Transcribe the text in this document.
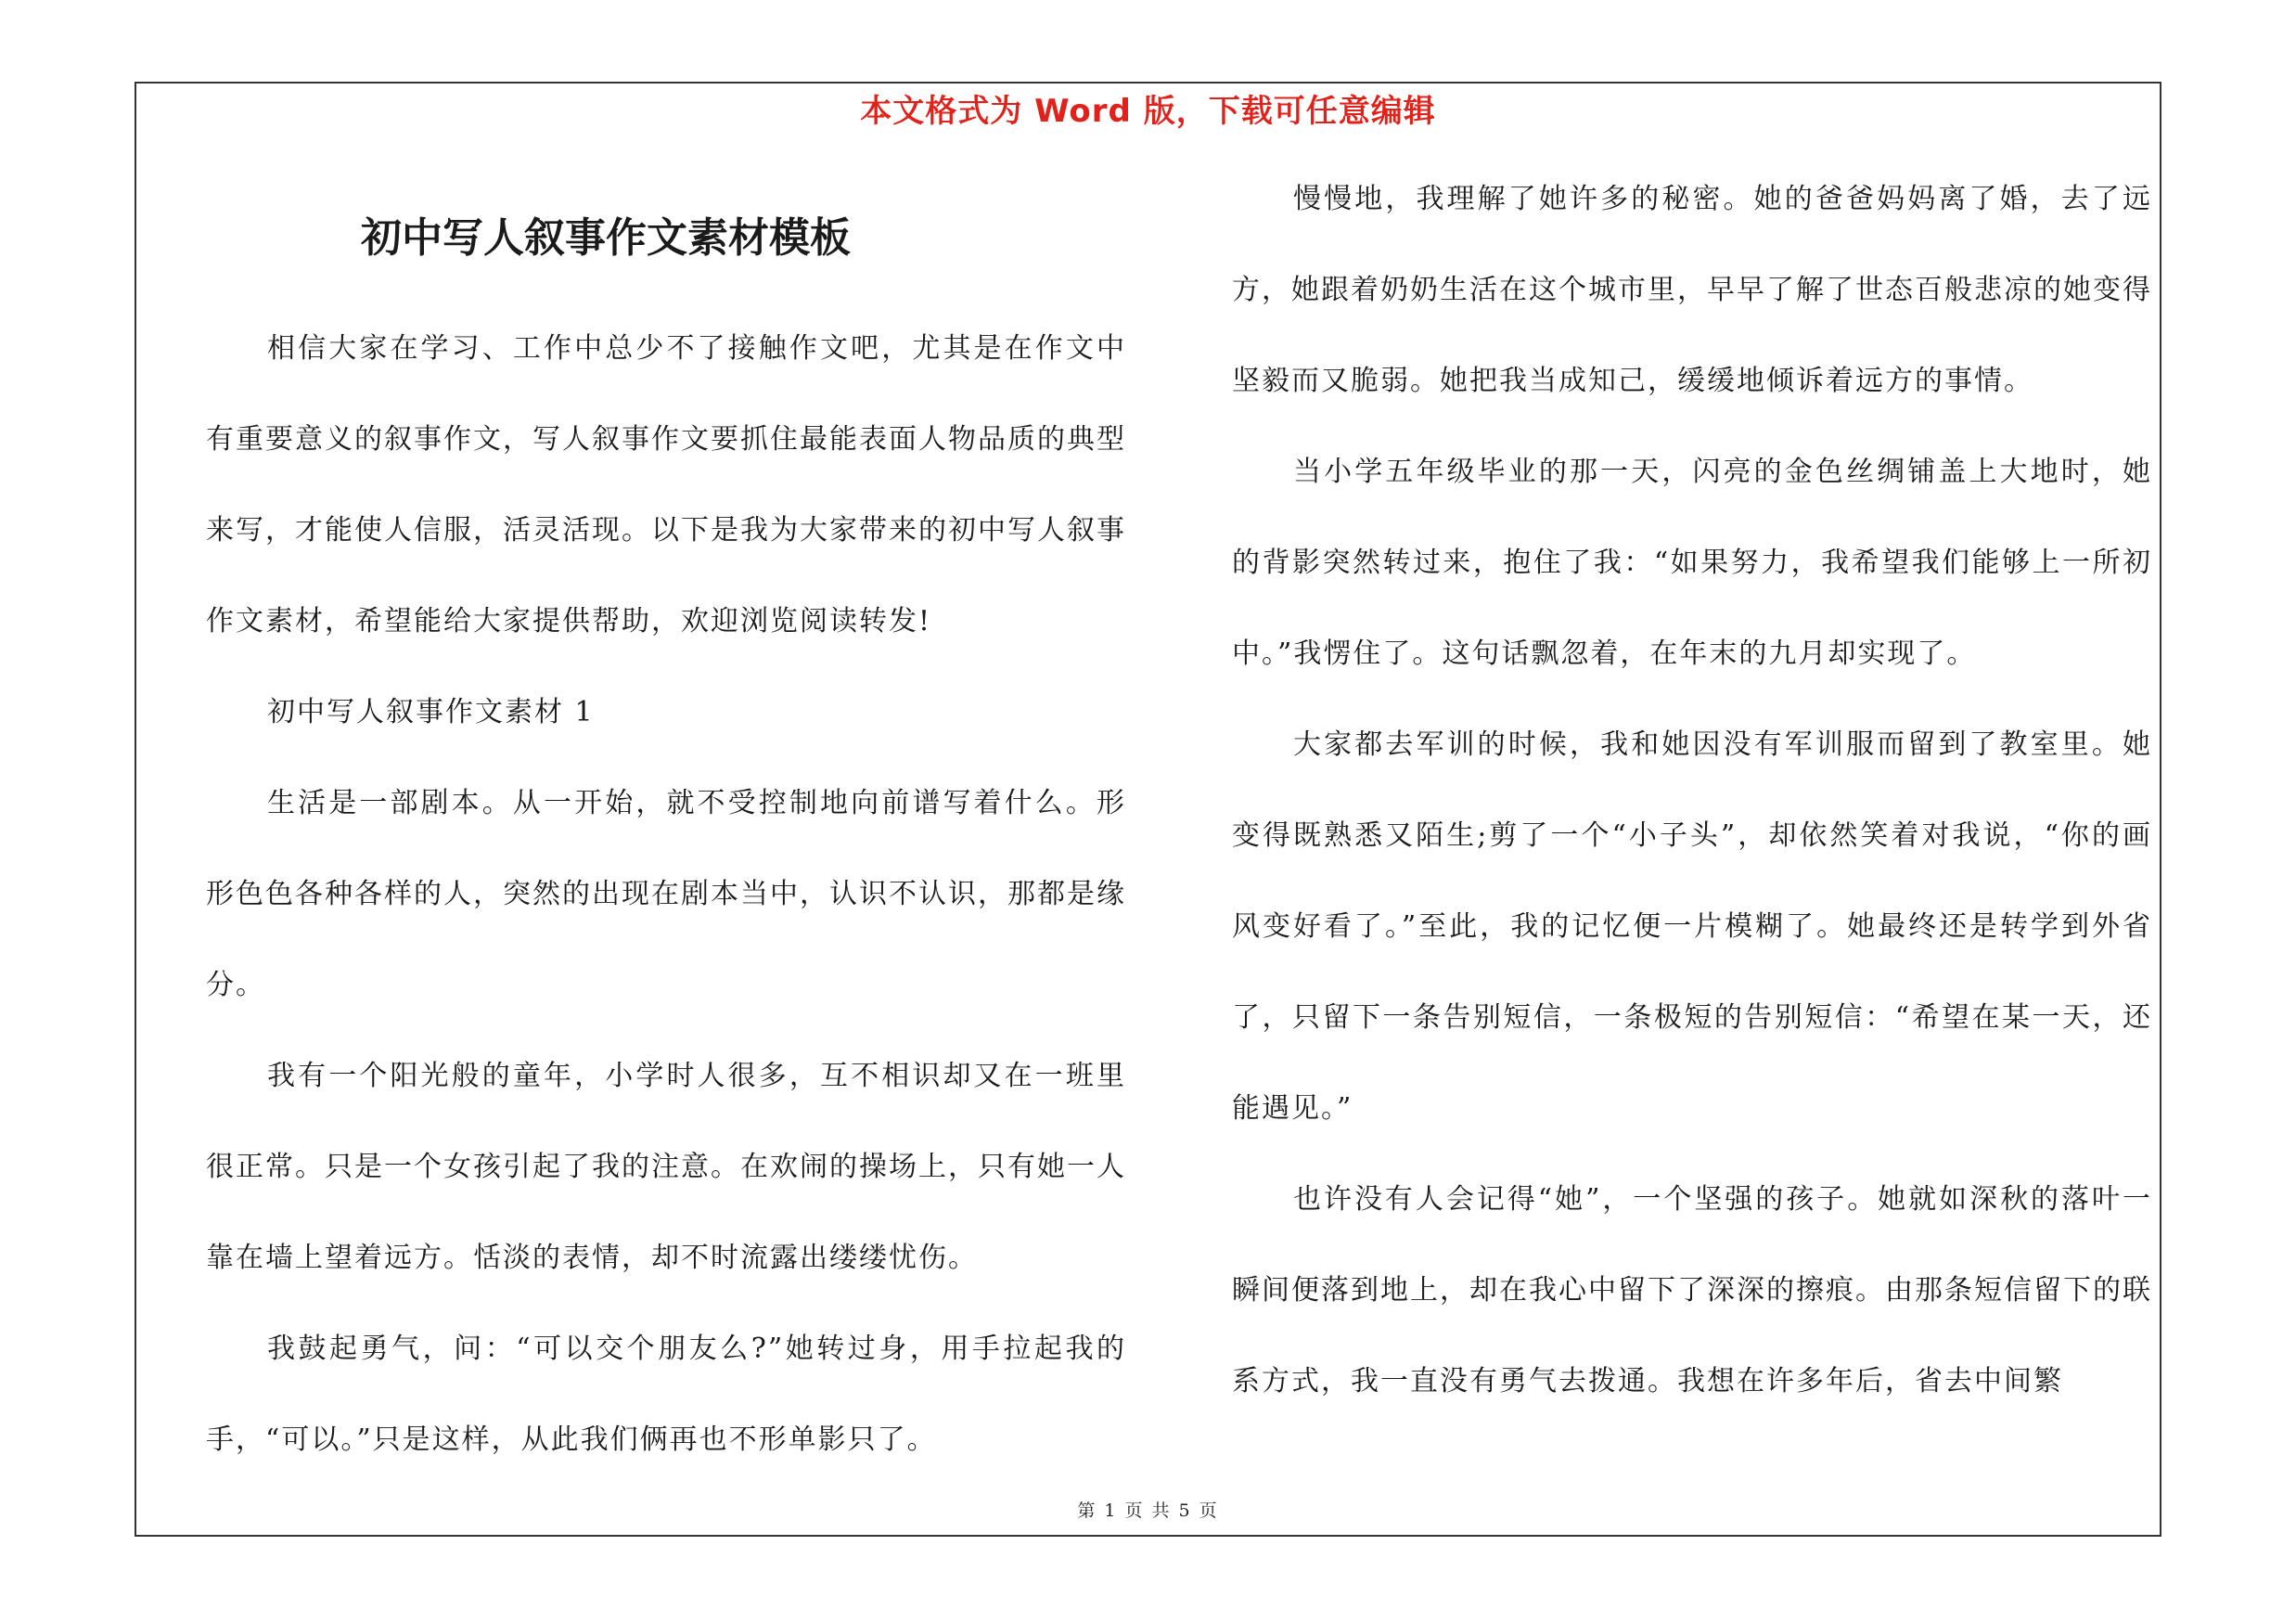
本文格式为 Word 版，下载可任意编辑
初中写人叙事作文素材模板

相信大家在学习、工作中总少不了接触作文吧，尤其是在作文中有重要意义的叙事作文，写人叙事作文要抓住最能表面人物品质的典型来写，才能使人信服，活灵活现。以下是我为大家带来的初中写人叙事作文素材，希望能给大家提供帮助，欢迎浏览阅读转发!

初中写人叙事作文素材 1

生活是一部剧本。从一开始，就不受控制地向前谱写着什么。形形色色各种各样的人，突然的出现在剧本当中，认识不认识，那都是缘分。

我有一个阳光般的童年，小学时人很多，互不相识却又在一班里很正常。只是一个女孩引起了我的注意。在欢闹的操场上，只有她一人靠在墙上望着远方。恬淡的表情，却不时流露出缕缕忧伤。

我鼓起勇气，问：“可以交个朋友么?”她转过身，用手拉起我的手，“可以。”只是这样，从此我们俩再也不形单影只了。

慢慢地，我理解了她许多的秘密。她的爸爸妈妈离了婚，去了远方，她跟着奶奶生活在这个城市里，早早了解了世态百般悲凉的她变得坚毅而又脆弱。她把我当成知己，缓缓地倾诉着远方的事情。

当小学五年级毕业的那一天，闪亮的金色丝绸铺盖上大地时，她的背影突然转过来，抱住了我：“如果努力，我希望我们能够上一所初中。”我愣住了。这句话飘忽着，在年末的九月却实现了。

大家都去军训的时候，我和她因没有军训服而留到了教室里。她变得既熟悉又陌生;剪了一个“小子头”，却依然笑着对我说，“你的画风变好看了。”至此，我的记忆便一片模糊了。她最终还是转学到外省了，只留下一条告别短信，一条极短的告别短信：“希望在某一天，还能遇见。”

也许没有人会记得“她”，一个坚强的孩子。她就如深秋的落叶一瞬间便落到地上，却在我心中留下了深深的擦痕。由那条短信留下的联系方式，我一直没有勇气去拨通。我想在许多年后，省去中间繁

第 1 页 共 5 页
